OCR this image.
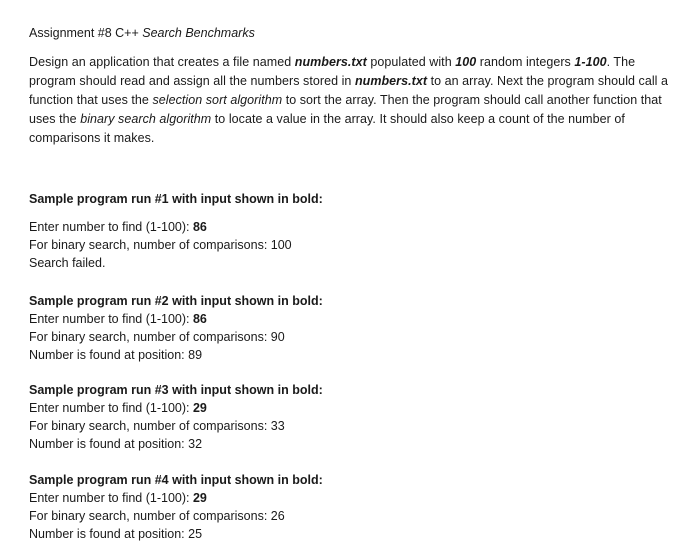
Assignment #8 C++ Search Benchmarks

Design an application that creates a file named numbers.txt populated with 100 random integers 1-100. The program should read and assign all the numbers stored in numbers.txt to an array. Next the program should call a function that uses the selection sort algorithm to sort the array. Then the program should call another function that uses the binary search algorithm to locate a value in the array. It should also keep a count of the number of comparisons it makes.

Sample program run #1 with input shown in bold:

Enter number to find (1-100): 86

For binary search, number of comparisons: 100

Search failed.

Sample program run #2 with input shown in bold:

Enter number to find (1-100): 86

For binary search, number of comparisons: 90

Number is found at position: 89

Sample program run #3 with input shown in bold:

Enter number to find (1-100): 29

For binary search, number of comparisons: 33

Number is found at position: 32

Sample program run #4 with input shown in bold:

Enter number to find (1-100): 29

For binary search, number of comparisons: 26

Number is found at position: 25
